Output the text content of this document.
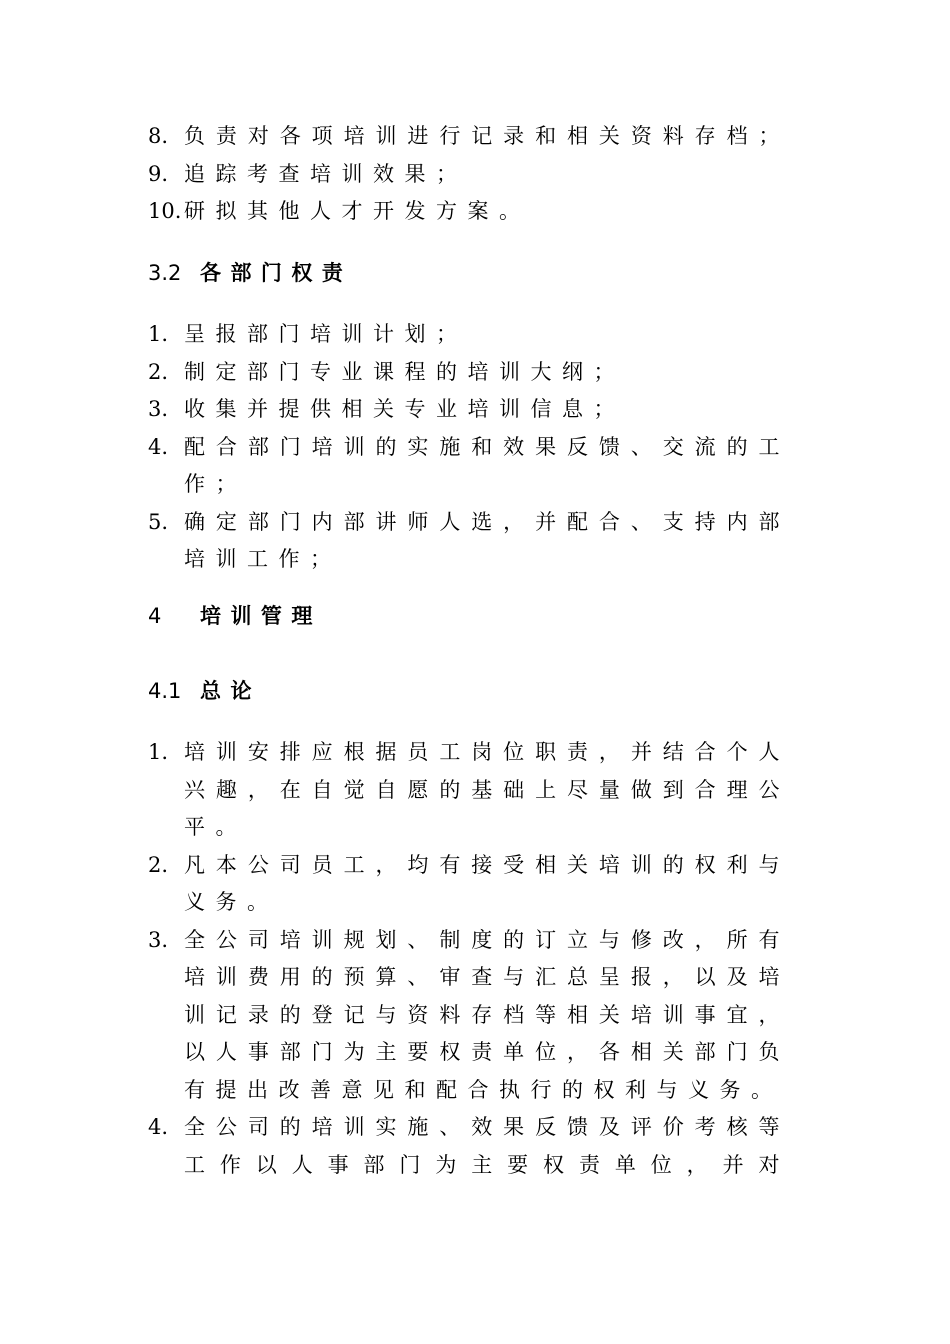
8. 负责对各项培训进行记录和相关资料存档；
9. 追踪考查培训效果；
10. 研拟其他人才开发方案。
3.2 各部门权责
1. 呈报部门培训计划；
2. 制定部门专业课程的培训大纲；
3. 收集并提供相关专业培训信息；
4. 配合部门培训的实施和效果反馈、交流的工作；
5. 确定部门内部讲师人选，并配合、支持内部培训工作；
4 培训管理
4.1 总论
1. 培训安排应根据员工岗位职责，并结合个人兴趣，在自觉自愿的基础上尽量做到合理公平。
2. 凡本公司员工，均有接受相关培训的权利与义务。
3. 全公司培训规划、制度的订立与修改，所有培训费用的预算、审查与汇总呈报，以及培训记录的登记与资料存档等相关培训事宜，以人事部门为主要权责单位，各相关部门负有提出改善意见和配合执行的权利与义务。
4. 全公司的培训实施、效果反馈及评价考核等工作以人事部门为主要权责单位，并对
